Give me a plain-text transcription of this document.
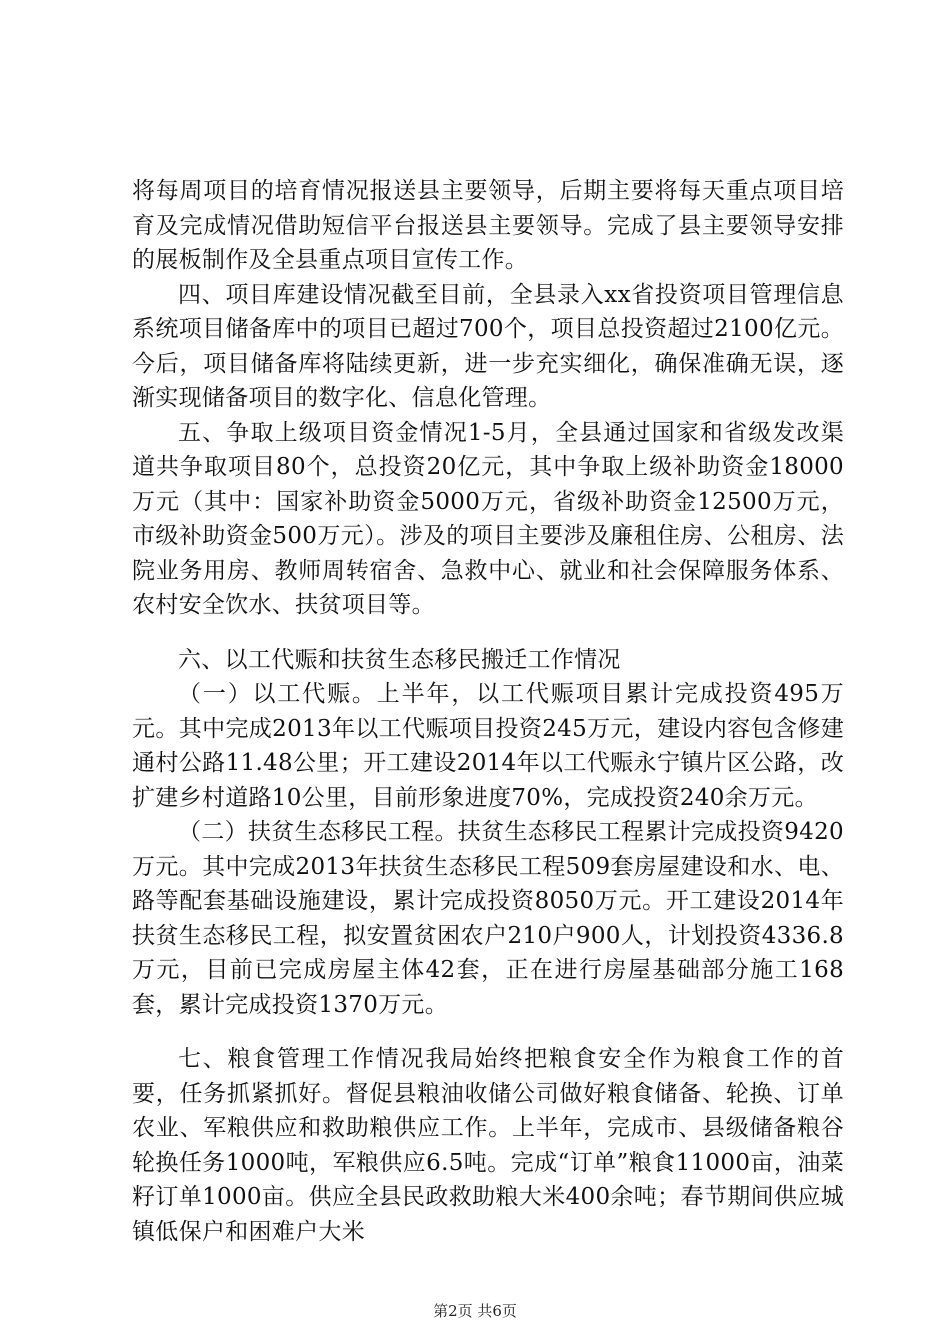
将每周项目的培育情况报送县主要领导，后期主要将每天重点项目培育及完成情况借助短信平台报送县主要领导。完成了县主要领导安排的展板制作及全县重点项目宣传工作。

四、项目库建设情况截至目前，全县录入xx省投资项目管理信息系统项目储备库中的项目已超过700个，项目总投资超过2100亿元。今后，项目储备库将陆续更新，进一步充实细化，确保准确无误，逐渐实现储备项目的数字化、信息化管理。

五、争取上级项目资金情况1-5月，全县通过国家和省级发改渠道共争取项目80个，总投资20亿元，其中争取上级补助资金18000万元（其中：国家补助资金5000万元，省级补助资金12500万元，市级补助资金500万元）。涉及的项目主要涉及廉租住房、公租房、法院业务用房、教师周转宿舍、急救中心、就业和社会保障服务体系、农村安全饮水、扶贫项目等。

六、以工代赈和扶贫生态移民搬迁工作情况

（一）以工代赈。上半年，以工代赈项目累计完成投资495万元。其中完成2013年以工代赈项目投资245万元，建设内容包含修建通村公路11.48公里；开工建设2014年以工代赈永宁镇片区公路，改扩建乡村道路10公里，目前形象进度70%，完成投资240余万元。

（二）扶贫生态移民工程。扶贫生态移民工程累计完成投资9420万元。其中完成2013年扶贫生态移民工程509套房屋建设和水、电、路等配套基础设施建设，累计完成投资8050万元。开工建设2014年扶贫生态移民工程，拟安置贫困农户210户900人，计划投资4336.8万元，目前已完成房屋主体42套，正在进行房屋基础部分施工168套，累计完成投资1370万元。

七、粮食管理工作情况我局始终把粮食安全作为粮食工作的首要，任务抓紧抓好。督促县粮油收储公司做好粮食储备、轮换、订单农业、军粮供应和救助粮供应工作。上半年，完成市、县级储备粮谷轮换任务1000吨，军粮供应6.5吨。完成“订单”粮食11000亩，油菜籽订单1000亩。供应全县民政救助粮大米400余吨；春节期间供应城镇低保户和困难户大米

第2页 共6页
